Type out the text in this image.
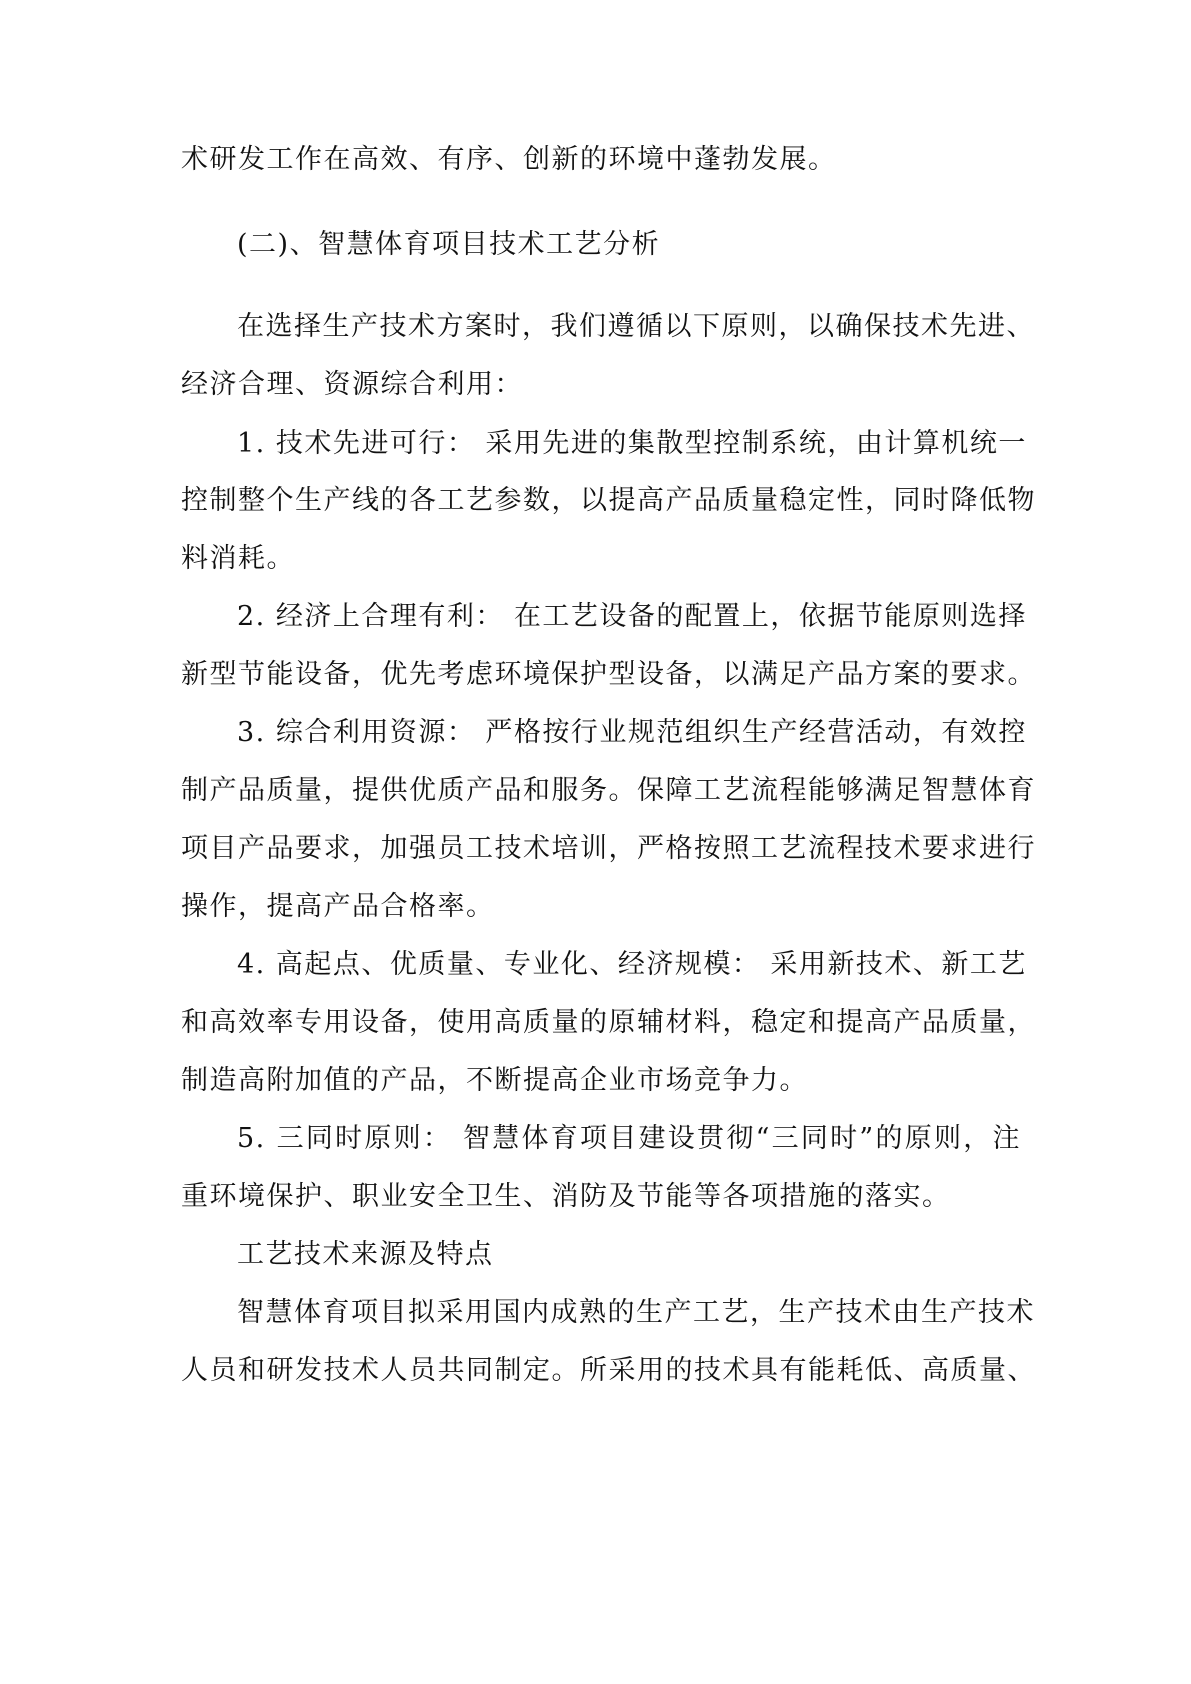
术研发工作在高效、有序、创新的环境中蓬勃发展。
(二)、智慧体育项目技术工艺分析
在选择生产技术方案时，我们遵循以下原则，以确保技术先进、
经济合理、资源综合利用：
1. 技术先进可行： 采用先进的集散型控制系统，由计算机统一
控制整个生产线的各工艺参数，以提高产品质量稳定性，同时降低物
料消耗。
2. 经济上合理有利： 在工艺设备的配置上，依据节能原则选择
新型节能设备，优先考虑环境保护型设备，以满足产品方案的要求。
3. 综合利用资源： 严格按行业规范组织生产经营活动，有效控
制产品质量，提供优质产品和服务。保障工艺流程能够满足智慧体育
项目产品要求，加强员工技术培训，严格按照工艺流程技术要求进行
操作，提高产品合格率。
4. 高起点、优质量、专业化、经济规模： 采用新技术、新工艺
和高效率专用设备，使用高质量的原辅材料，稳定和提高产品质量，
制造高附加值的产品，不断提高企业市场竞争力。
5. 三同时原则： 智慧体育项目建设贯彻“三同时”的原则，注
重环境保护、职业安全卫生、消防及节能等各项措施的落实。
工艺技术来源及特点
智慧体育项目拟采用国内成熟的生产工艺，生产技术由生产技术
人员和研发技术人员共同制定。所采用的技术具有能耗低、高质量、
